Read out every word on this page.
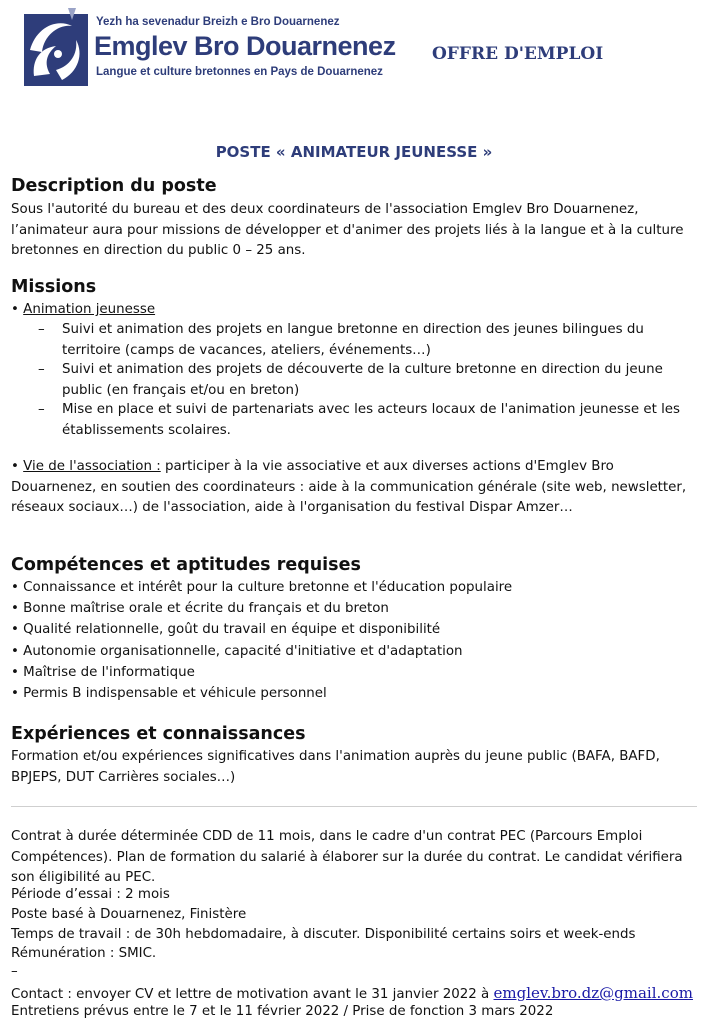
Yezh ha sevenadur Breizh e Bro Douarnenez
Emglev Bro Douarnenez
Langue et culture bretonnes en Pays de Douarnenez
OFFRE D'EMPLOI
POSTE « ANIMATEUR JEUNESSE »
Description du poste

Sous l'autorité du bureau et des deux coordinateurs de l'association Emglev Bro Douarnenez, l’animateur aura pour missions de développer et d'animer des projets liés à la langue et à la culture bretonnes en direction du public 0 – 25 ans.

Missions
• Animation jeunesse
– Suivi et animation des projets en langue bretonne en direction des jeunes bilingues du territoire (camps de vacances, ateliers, événements…)
– Suivi et animation des projets de découverte de la culture bretonne en direction du jeune public (en français et/ou en breton)
– Mise en place et suivi de partenariats avec les acteurs locaux de l'animation jeunesse et les établissements scolaires.

• Vie de l'association : participer à la vie associative et aux diverses actions d'Emglev Bro Douarnenez, en soutien des coordinateurs : aide à la communication générale (site web, newsletter, réseaux sociaux…) de l'association, aide à l'organisation du festival Dispar Amzer…

Compétences et aptitudes requises
• Connaissance et intérêt pour la culture bretonne et l'éducation populaire
• Bonne maîtrise orale et écrite du français et du breton
• Qualité relationnelle, goût du travail en équipe et disponibilité
• Autonomie organisationnelle, capacité d'initiative et d'adaptation
• Maîtrise de l'informatique
• Permis B indispensable et véhicule personnel
Expériences et connaissances

Formation et/ou expériences significatives dans l'animation auprès du jeune public (BAFA, BAFD, BPJEPS, DUT Carrières sociales…)

Contrat à durée déterminée CDD de 11 mois, dans le cadre d'un contrat PEC (Parcours Emploi Compétences). Plan de formation du salarié à élaborer sur la durée du contrat. Le candidat vérifiera son éligibilité au PEC.

Période d’essai : 2 mois
Poste basé à Douarnenez, Finistère
Temps de travail : de 30h hebdomadaire, à discuter. Disponibilité certains soirs et week-ends
Rémunération : SMIC.
–
Contact : envoyer CV et lettre de motivation avant le 31 janvier 2022 à emglev.bro.dz@gmail.com
Entretiens prévus entre le 7 et le 11 février 2022 / Prise de fonction 3 mars 2022
